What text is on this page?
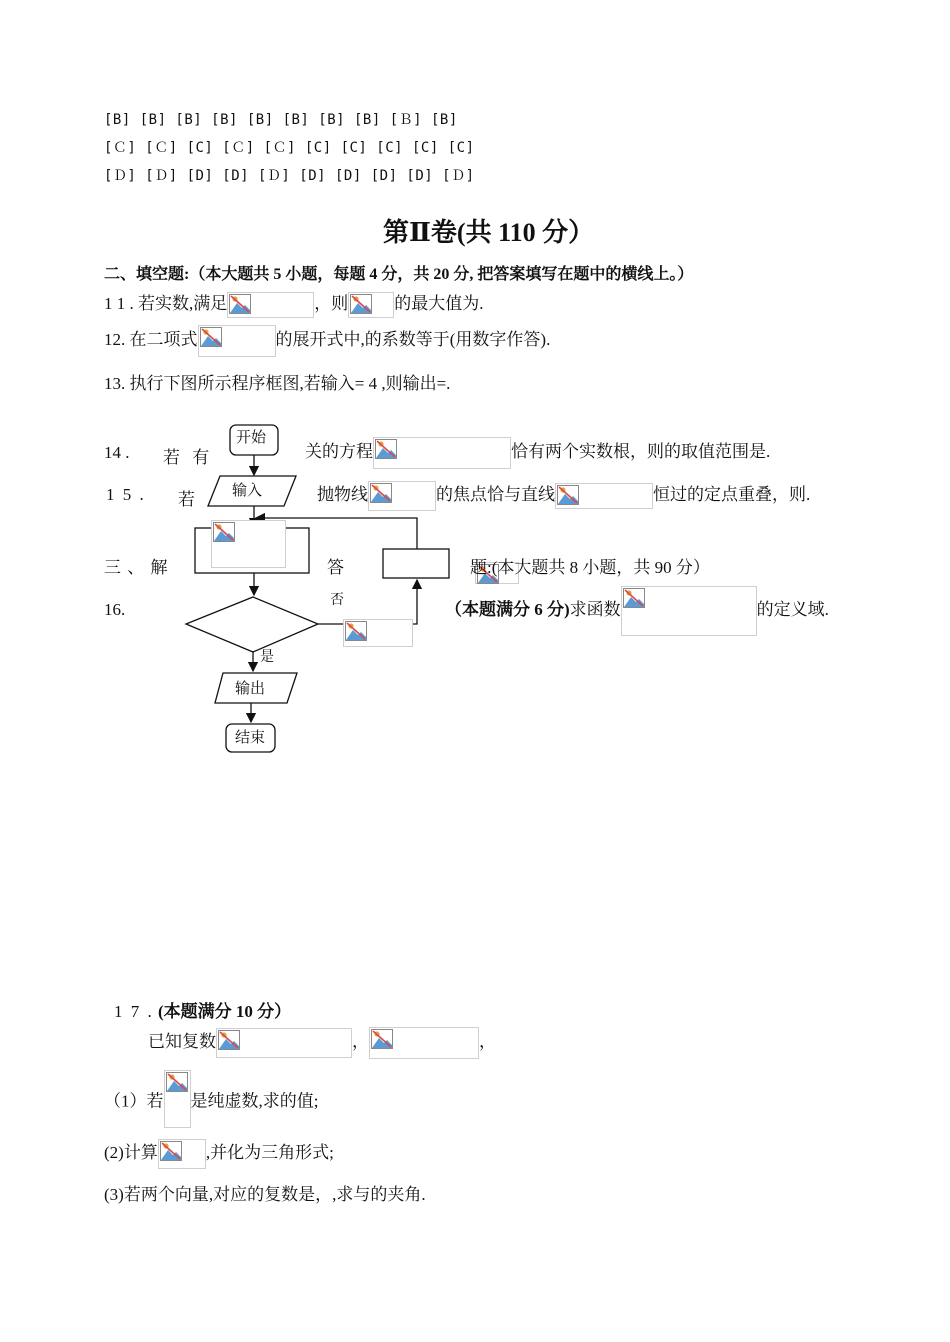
[B] [B] [B] [B] [B] [B] [B] [B] [Ｂ] [B]
[Ｃ] [Ｃ] [C] [Ｃ] [Ｃ] [C] [C] [C] [C] [C]
[Ｄ] [Ｄ] [D] [D] [Ｄ] [D] [D] [D] [D] [Ｄ]
第Ⅱ卷(共 110 分）
二、填空题:（本大题共 5 小题，每题 4 分，共 20 分, 把答案填写在题中的横线上。）
1 1 . 若实数,满足	，则	的最大值为.
12. 在二项式	的展开式中,的系数等于(用数字作答).
13. 执行下图所示程序框图,若输入= 4 ,则输出=.
开始
输入
否
是
输出
结束

14 . 若 有	关的方程	恰有两个实数根，则的取值范围是.
1 5 . 若	抛物线	的焦点恰与直线	恒过的定点重叠，则.
三 、 解	答	题:(本大题共 8 小题，共 90 分）
16.	（本题满分 6 分)求函数	的定义域.
1 7 . (本题满分 10 分）
已知复数	，	，
（1）若 是纯虚数,求的值;
(2)计算	,并化为三角形式;
(3)若两个向量,对应的复数是，,求与的夹角.
